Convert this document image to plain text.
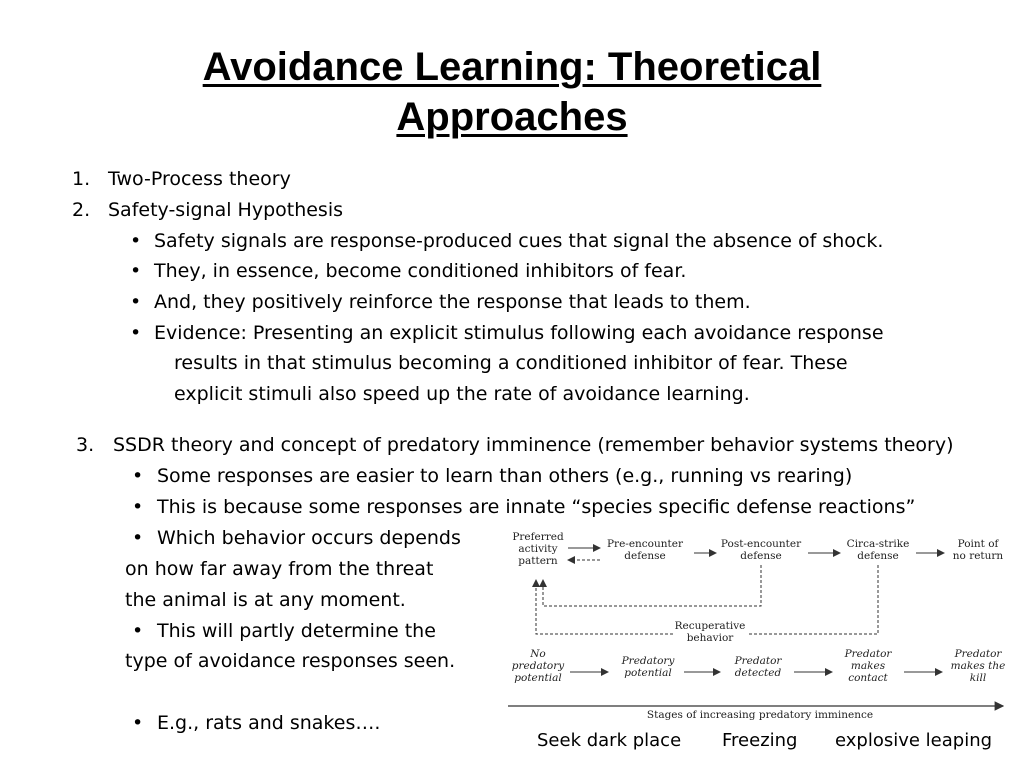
Avoidance Learning: Theoretical
Approaches
1. Two-Process theory
2. Safety-signal Hypothesis
• Safety signals are response-produced cues that signal the absence of shock.
• They, in essence, become conditioned inhibitors of fear.
• And, they positively reinforce the response that leads to them.
• Evidence: Presenting an explicit stimulus following each avoidance response
results in that stimulus becoming a conditioned inhibitor of fear. These
explicit stimuli also speed up the rate of avoidance learning.
3. SSDR theory and concept of predatory imminence (remember behavior systems theory)
• Some responses are easier to learn than others (e.g., running vs rearing)
• This is because some responses are innate “species specific defense reactions”
• Which behavior occurs depends
on how far away from the threat
the animal is at any moment.
• This will partly determine the
type of avoidance responses seen.
• E.g., rats and snakes….
Preferred activity pattern
Pre-encounter defense
Post-encounter defense
Circa-strike defense
Point of no return
Recuperative behavior
No predatory potential
Predatory potential
Predator detected
Predator makes contact
Predator makes the kill
Stages of increasing predatory imminence
Seek dark place Freezing explosive leaping
